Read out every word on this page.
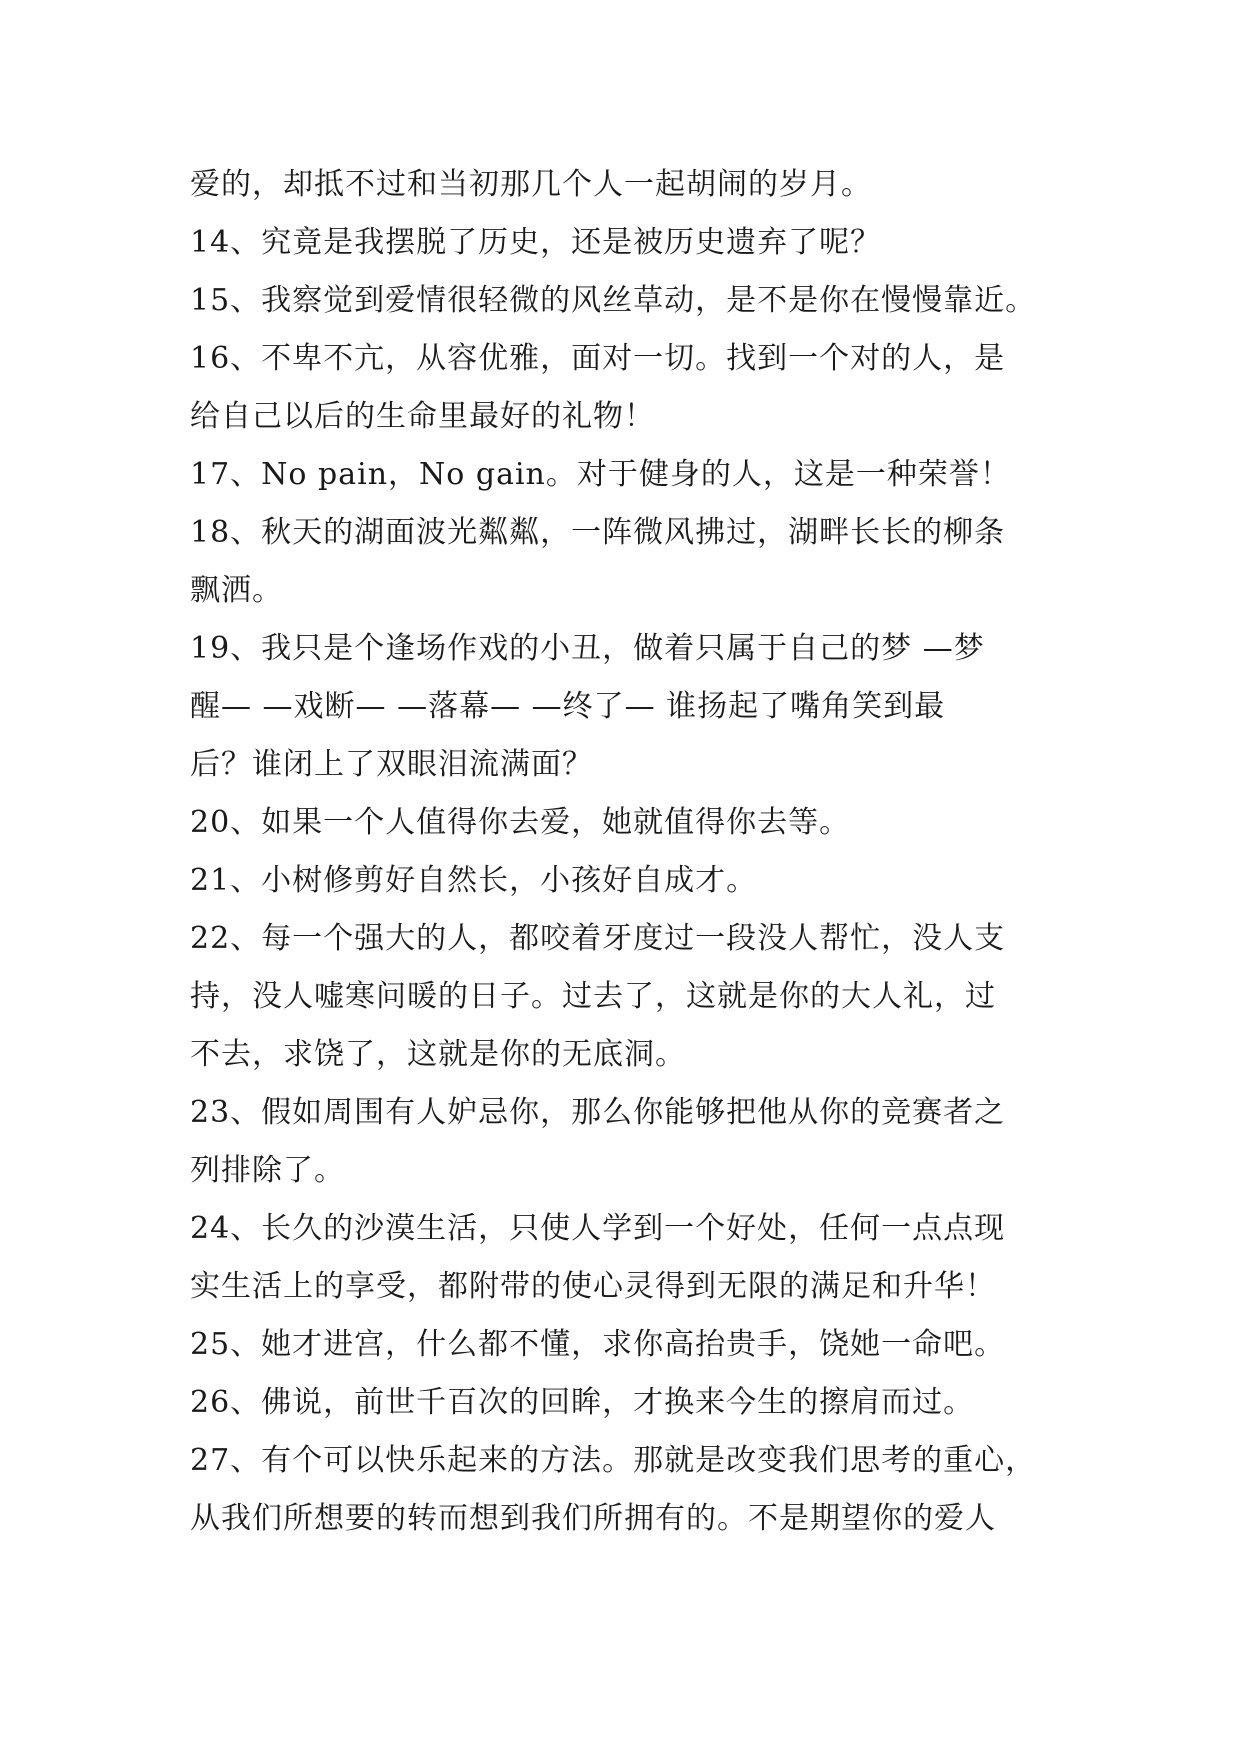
爱的，却抵不过和当初那几个人一起胡闹的岁月。
14、究竟是我摆脱了历史，还是被历史遗弃了呢？
15、我察觉到爱情很轻微的风丝草动，是不是你在慢慢靠近。
16、不卑不亢，从容优雅，面对一切。找到一个对的人，是
给自己以后的生命里最好的礼物！
17、No pain，No gain。对于健身的人，这是一种荣誉！
18、秋天的湖面波光粼粼，一阵微风拂过，湖畔长长的柳条
飘洒。
19、我只是个逢场作戏的小丑，做着只属于自己的梦 —梦
醒— —戏断— —落幕— —终了— 谁扬起了嘴角笑到最
后？谁闭上了双眼泪流满面？
20、如果一个人值得你去爱，她就值得你去等。
21、小树修剪好自然长，小孩好自成才。
22、每一个强大的人，都咬着牙度过一段没人帮忙，没人支
持，没人嘘寒问暖的日子。过去了，这就是你的大人礼，过
不去，求饶了，这就是你的无底洞。
23、假如周围有人妒忌你，那么你能够把他从你的竞赛者之
列排除了。
24、长久的沙漠生活，只使人学到一个好处，任何一点点现
实生活上的享受，都附带的使心灵得到无限的满足和升华！
25、她才进宫，什么都不懂，求你高抬贵手，饶她一命吧。
26、佛说，前世千百次的回眸，才换来今生的擦肩而过。
27、有个可以快乐起来的方法。那就是改变我们思考的重心，
从我们所想要的转而想到我们所拥有的。不是期望你的爱人
